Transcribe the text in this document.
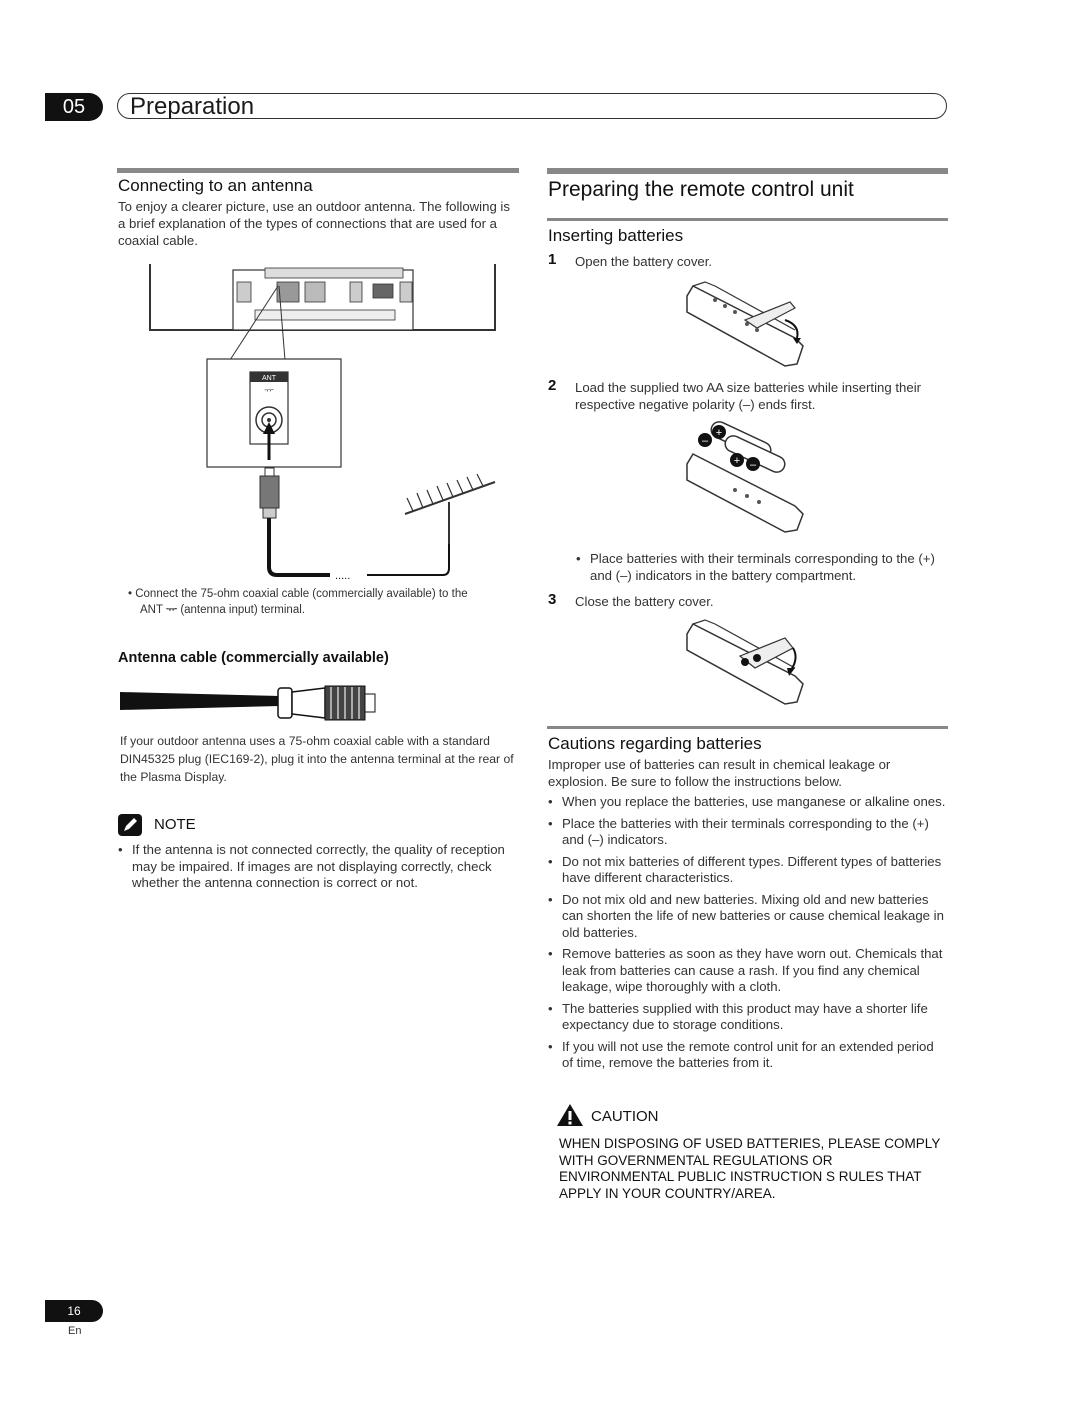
05	Preparation
Connecting to an antenna
To enjoy a clearer picture, use an outdoor antenna. The following is a brief explanation of the types of connections that are used for a coaxial cable.
ANT
ᅲ
.....
• Connect the 75-ohm coaxial cable (commercially available) to the
ANT ᅲ (antenna input) terminal.
Antenna cable (commercially available)
If your outdoor antenna uses a 75-ohm coaxial cable with a standard DIN45325 plug (IEC169-2), plug it into the antenna terminal at the rear of the Plasma Display.
NOTE
• If the antenna is not connected correctly, the quality of reception may be impaired. If images are not displaying correctly, check whether the antenna connection is correct or not.
Preparing the remote control unit
Inserting batteries
1 Open the battery cover.
2 Load the supplied two AA size batteries while inserting their respective negative polarity (–) ends first.
–
+
+ –
• Place batteries with their terminals corresponding to the (+) and (–) indicators in the battery compartment.
3 Close the battery cover.
Cautions regarding batteries
Improper use of batteries can result in chemical leakage or explosion. Be sure to follow the instructions below.
• When you replace the batteries, use manganese or alkaline ones.
• Place the batteries with their terminals corresponding to the (+) and (–) indicators.
• Do not mix batteries of different types. Different types of batteries have different characteristics.
• Do not mix old and new batteries. Mixing old and new batteries can shorten the life of new batteries or cause chemical leakage in old batteries.
• Remove batteries as soon as they have worn out. Chemicals that leak from batteries can cause a rash. If you find any chemical leakage, wipe thoroughly with a cloth.
• The batteries supplied with this product may have a shorter life expectancy due to storage conditions.
• If you will not use the remote control unit for an extended period of time, remove the batteries from it.
CAUTION
WHEN DISPOSING OF USED BATTERIES, PLEASE COMPLY WITH GOVERNMENTAL REGULATIONS OR ENVIRONMENTAL PUBLIC INSTRUCTION S RULES THAT APPLY IN YOUR COUNTRY/AREA.
16
En
